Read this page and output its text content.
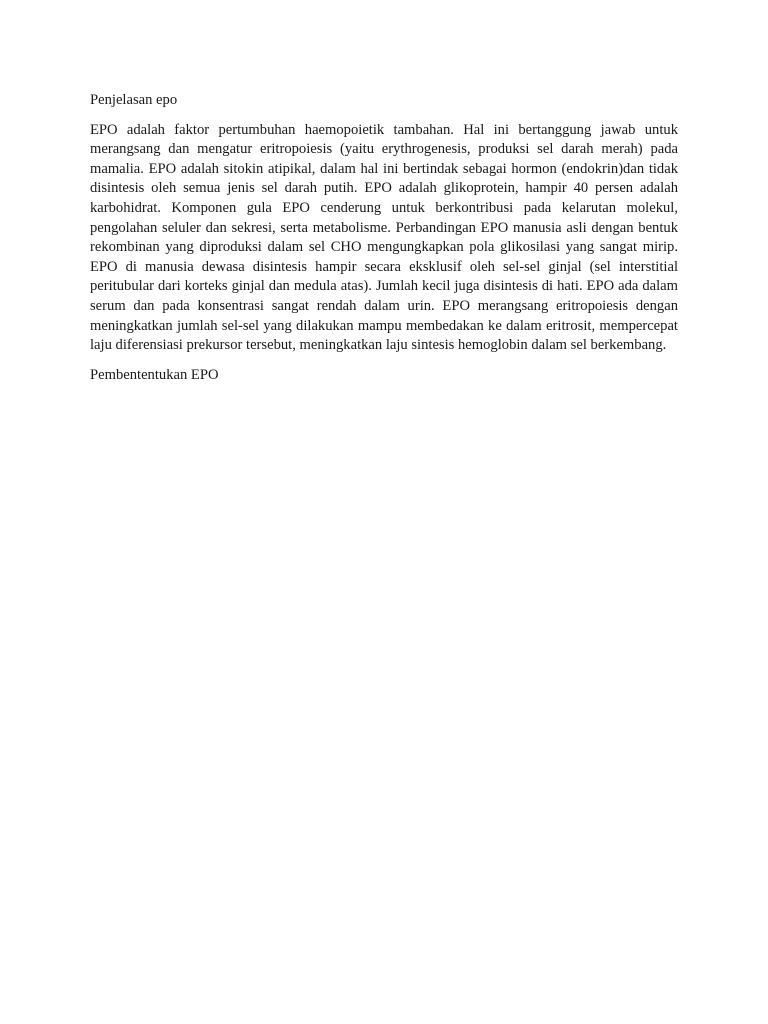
Penjelasan epo

EPO adalah faktor pertumbuhan haemopoietik tambahan. Hal ini bertanggung jawab untuk merangsang dan mengatur eritropoiesis (yaitu erythrogenesis, produksi sel darah merah) pada mamalia. EPO adalah sitokin atipikal, dalam hal ini bertindak sebagai hormon (endokrin)dan tidak disintesis oleh semua jenis sel darah putih. EPO adalah glikoprotein, hampir 40 persen adalah karbohidrat. Komponen gula EPO cenderung untuk berkontribusi pada kelarutan molekul, pengolahan seluler dan sekresi, serta metabolisme. Perbandingan EPO manusia asli dengan bentuk rekombinan yang diproduksi dalam sel CHO mengungkapkan pola glikosilasi yang sangat mirip. EPO di manusia dewasa disintesis hampir secara eksklusif oleh sel-sel ginjal (sel interstitial peritubular dari korteks ginjal dan medula atas). Jumlah kecil juga disintesis di hati. EPO ada dalam serum dan pada konsentrasi sangat rendah dalam urin. EPO merangsang eritropoiesis dengan meningkatkan jumlah sel-sel yang dilakukan mampu membedakan ke dalam eritrosit, mempercepat laju diferensiasi prekursor tersebut, meningkatkan laju sintesis hemoglobin dalam sel berkembang.

Pembententukan EPO
